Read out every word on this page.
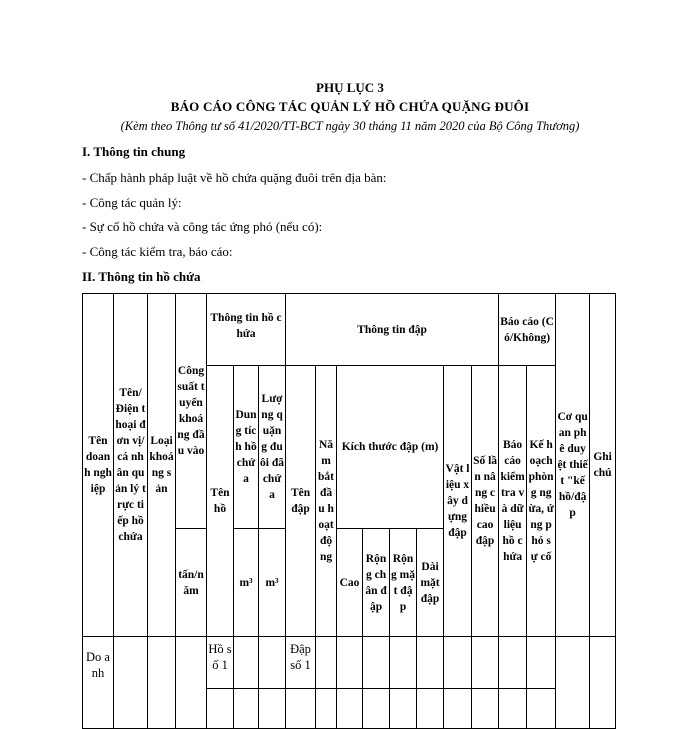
PHỤ LỤC 3
BÁO CÁO CÔNG TÁC QUẢN LÝ HỒ CHỨA QUẶNG ĐUÔI
(Kèm theo Thông tư số 41/2020/TT-BCT ngày 30 tháng 11 năm 2020 của Bộ Công Thương)
I. Thông tin chung
- Chấp hành pháp luật về hồ chứa quặng đuôi trên địa bàn:
- Công tác quản lý:
- Sự cố hồ chứa và công tác ứng phó (nếu có):
- Công tác kiểm tra, báo cáo:
II. Thông tin hồ chứa
Tên doanh nghiệp	Tên/ Điện thoại đơn vị/cá nhân quản lý trực tiếp hồ chứa	Loại khoáng sản	Công suất tuyển khoáng đầu vào	Thông tin hồ chứa			Thông tin đập								Báo cáo (Có/Không)		Cơ quan phê duyệt thiết "kế hồ/đập	Ghi chú
				Tên hồ	Dung tích hồ chứa	Lượng quặng đuôi đã chứa	Tên đập	Năm bắt đầu hoạt động	Kích thước đập (m)				Vật liệu xây dựng đập	Số lần nâng chiều cao đập	Báo cáo kiểm tra và dữ liệu hồ chứa	Kế hoạch phòng ngừa, ứng phó sự cố		
			tấn/năm		m³	m³			Cao	Rộng chân đập	Rộng mặt đập	Dài mặt đập						
Do anh				Hồ số 1			Đập số 1											
